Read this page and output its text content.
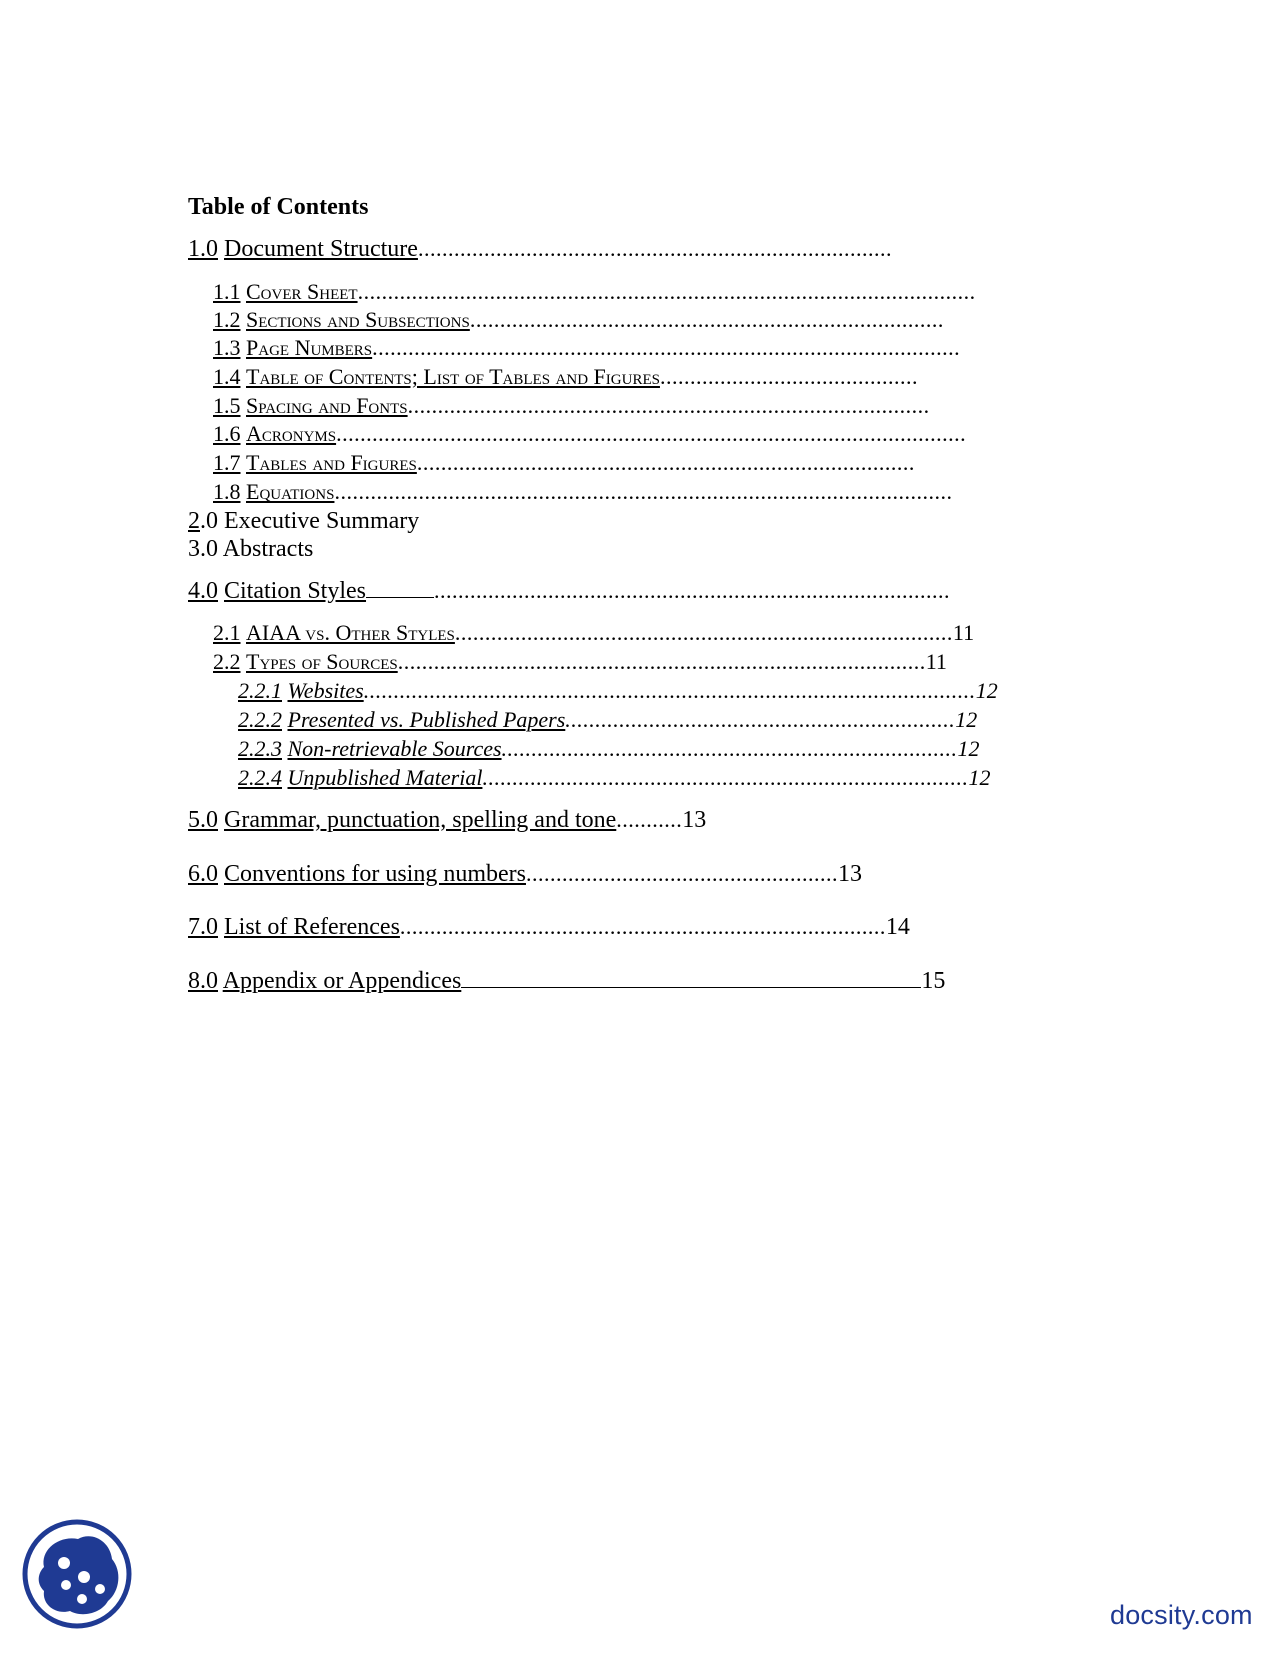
Table of Contents
1.0 Document Structure...............................................................................
1.1 Cover Sheet.......................................................................................................
1.2 Sections and Subsections...............................................................................
1.3 Page Numbers..................................................................................................
1.4 Table of Contents; List of Tables and Figures...........................................
1.5 Spacing and Fonts.......................................................................................
1.6 Acronyms.........................................................................................................
1.7 Tables and Figures...................................................................................
1.8 Equations.......................................................................................................
2.0 Executive Summary
3.0 Abstracts
4.0 Citation Styles	......................................................................................
2.1 AIAA vs. Other Styles...................................................................................11
2.2 Types of Sources........................................................................................11
2.2.1 Websites......................................................................................................12
2.2.2 Presented vs. Published Papers.................................................................12
2.2.3 Non-retrievable Sources............................................................................12
2.2.4 Unpublished Material.................................................................................12
5.0 Grammar, punctuation, spelling and tone...........13
6.0 Conventions for using numbers....................................................13
7.0 List of References.................................................................................14
8.0 Appendix or Appendices	15
docsity.com
